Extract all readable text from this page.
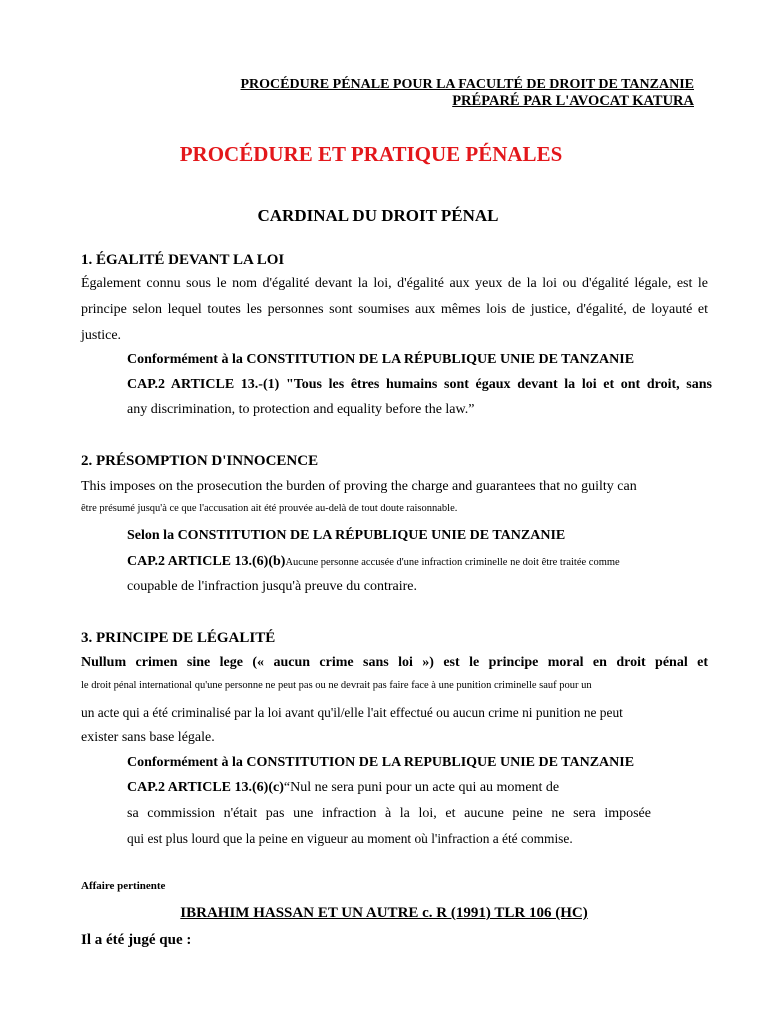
PROCÉDURE PÉNALE POUR LA FACULTÉ DE DROIT DE TANZANIE
PRÉPARÉ PAR L'AVOCAT KATURA
PROCÉDURE ET PRATIQUE PÉNALES
CARDINAL DU DROIT PÉNAL
1. ÉGALITÉ DEVANT LA LOI
Également connu sous le nom d'égalité devant la loi, d'égalité aux yeux de la loi ou d'égalité légale, est le
principe selon lequel toutes les personnes sont soumises aux mêmes lois de justice, d'égalité, de loyauté et
justice.
Conformément à la CONSTITUTION DE LA RÉPUBLIQUE UNIE DE TANZANIE
CAP.2 ARTICLE 13.-(1) "Tous les êtres humains sont égaux devant la loi et ont droit, sans
any discrimination, to protection and equality before the law.”
2. PRÉSOMPTION D'INNOCENCE
This imposes on the prosecution the burden of proving the charge and guarantees that no guilty can
être présumé jusqu'à ce que l'accusation ait été prouvée au-delà de tout doute raisonnable.
Selon la CONSTITUTION DE LA RÉPUBLIQUE UNIE DE TANZANIE
CAP.2 ARTICLE 13.(6)(b)Aucune personne accusée d'une infraction criminelle ne doit être traitée comme
coupable de l'infraction jusqu'à preuve du contraire.
3. PRINCIPE DE LÉGALITÉ
Nullum crimen sine lege (« aucun crime sans loi ») est le principe moral en droit pénal et
le droit pénal international qu'une personne ne peut pas ou ne devrait pas faire face à une punition criminelle sauf pour un
un acte qui a été criminalisé par la loi avant qu'il/elle l'ait effectué ou aucun crime ni punition ne peut
exister sans base légale.
Conformément à la CONSTITUTION DE LA REPUBLIQUE UNIE DE TANZANIE
CAP.2 ARTICLE 13.(6)(c)“Nul ne sera puni pour un acte qui au moment de
sa commission n'était pas une infraction à la loi, et aucune peine ne sera imposée
qui est plus lourd que la peine en vigueur au moment où l'infraction a été commise.
Affaire pertinente
IBRAHIM HASSAN ET UN AUTRE c. R (1991) TLR 106 (HC)
Il a été jugé que :
